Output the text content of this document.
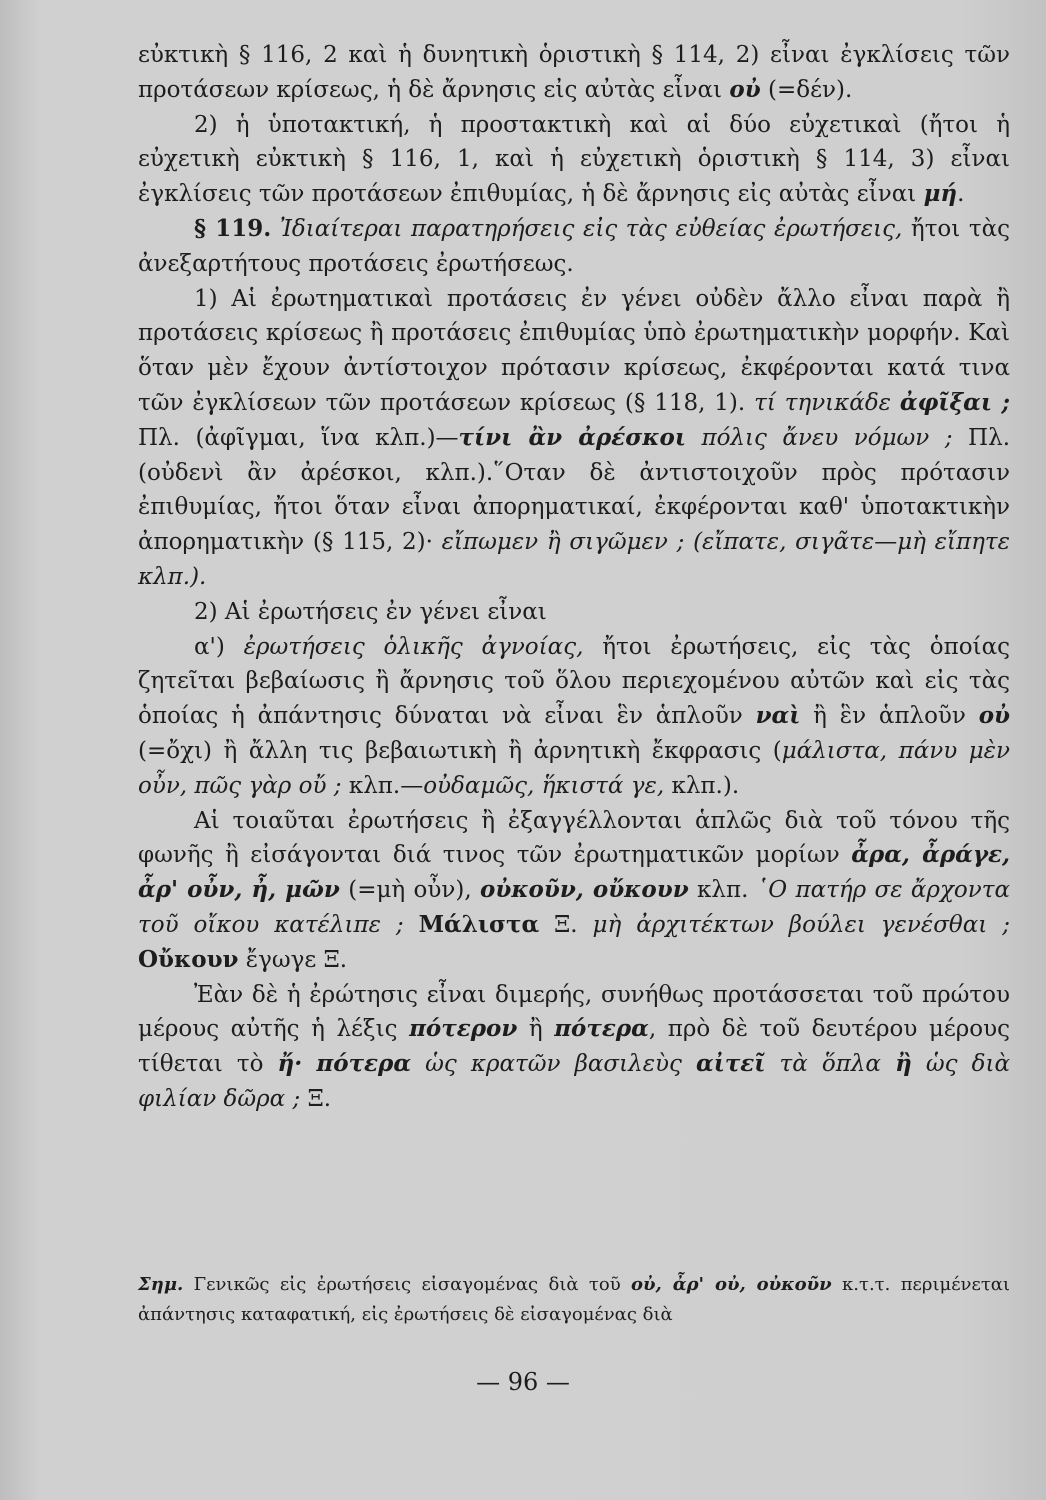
εὐκτικὴ § 116, 2 καὶ ἡ δυνητικὴ ὁριστικὴ § 114, 2) εἶναι ἐγκλίσεις τῶν προτάσεων κρίσεως, ἡ δὲ ἄρνησις εἰς αὐτὰς εἶναι οὐ (=δέν).

2) ἡ ὑποτακτική, ἡ προστακτικὴ καὶ αἱ δύο εὐχετικαὶ (ἤτοι ἡ εὐχετικὴ εὐκτικὴ § 116, 1, καὶ ἡ εὐχετικὴ ὁριστικὴ § 114, 3) εἶναι ἐγκλίσεις τῶν προτάσεων ἐπιθυμίας, ἡ δὲ ἄρνησις εἰς αὐτὰς εἶναι μή.

§ 119. Ἰδιαίτεραι παρατηρήσεις εἰς τὰς εὐθείας ἐρωτήσεις, ἤτοι τὰς ἀνεξαρτήτους προτάσεις ἐρωτήσεως.

1) Αἱ ἐρωτηματικαὶ προτάσεις ἐν γένει οὐδὲν ἄλλο εἶναι παρὰ ἢ προτάσεις κρίσεως ἢ προτάσεις ἐπιθυμίας ὑπὸ ἐρωτηματικὴν μορφήν. Καὶ ὅταν μὲν ἔχουν ἀντίστοιχον πρότασιν κρίσεως, ἐκφέρονται κατά τινα τῶν ἐγκλίσεων τῶν προτάσεων κρίσεως (§ 118, 1). τί τηνικάδε ἀφῖξαι ; Πλ. (ἀφῖγμαι, ἵνα κλπ.)—τίνι ἂν ἀρέσκοι πόλις ἄνευ νόμων ; Πλ. (οὐδενὶ ἂν ἀρέσκοι, κλπ.).῞Οταν δὲ ἀντιστοιχοῦν πρὸς πρότασιν ἐπιθυμίας, ἤτοι ὅταν εἶναι ἀπορηματικαί, ἐκφέρονται καθ' ὑποτακτικὴν ἀπορηματικὴν (§ 115, 2)· εἴπωμεν ἢ σιγῶμεν ; (εἴπατε, σιγᾶτε—μὴ εἴπητε κλπ.).

2) Αἱ ἐρωτήσεις ἐν γένει εἶναι

α') ἐρωτήσεις ὁλικῆς ἀγνοίας, ἤτοι ἐρωτήσεις, εἰς τὰς ὁποίας ζητεῖται βεβαίωσις ἢ ἄρνησις τοῦ ὅλου περιεχομένου αὐτῶν καὶ εἰς τὰς ὁποίας ἡ ἀπάντησις δύναται νὰ εἶναι ἓν ἁπλοῦν ναὶ ἢ ἓν ἁπλοῦν οὐ (=ὄχι) ἢ ἄλλη τις βεβαιωτικὴ ἢ ἀρνητικὴ ἔκφρασις (μάλιστα, πάνυ μὲν οὖν, πῶς γὰρ οὔ ; κλπ.—οὐδαμῶς, ἥκιστά γε, κλπ.).

Αἱ τοιαῦται ἐρωτήσεις ἢ ἐξαγγέλλονται ἁπλῶς διὰ τοῦ τόνου τῆς φωνῆς ἢ εἰσάγονται διά τινος τῶν ἐρωτηματικῶν μορίων ἆρα, ἆράγε, ἆρ' οὖν, ἦ, μῶν (=μὴ οὖν), οὐκοῦν, οὔκουν κλπ. ῾Ο πατήρ σε ἄρχοντα τοῦ οἴκου κατέλιπε ; Μάλιστα Ξ. μὴ ἀρχιτέκτων βούλει γενέσθαι ; Οὔκουν ἔγωγε Ξ.

Ἐὰν δὲ ἡ ἐρώτησις εἶναι διμερής, συνήθως προτάσσεται τοῦ πρώτου μέρους αὐτῆς ἡ λέξις πότερον ἢ πότερα, πρὸ δὲ τοῦ δευτέρου μέρους τίθεται τὸ ἤ· πότερα ὡς κρατῶν βασιλεὺς αἰτεῖ τὰ ὅπλα ἢ ὡς διὰ φιλίαν δῶρα ; Ξ.

Σημ. Γενικῶς εἰς ἐρωτήσεις εἰσαγομένας διὰ τοῦ οὐ, ἆρ' οὐ, οὐκοῦν κ.τ.τ. περιμένεται ἀπάντησις καταφατική, εἰς ἐρωτήσεις δὲ εἰσαγομένας διὰ

— 96 —
